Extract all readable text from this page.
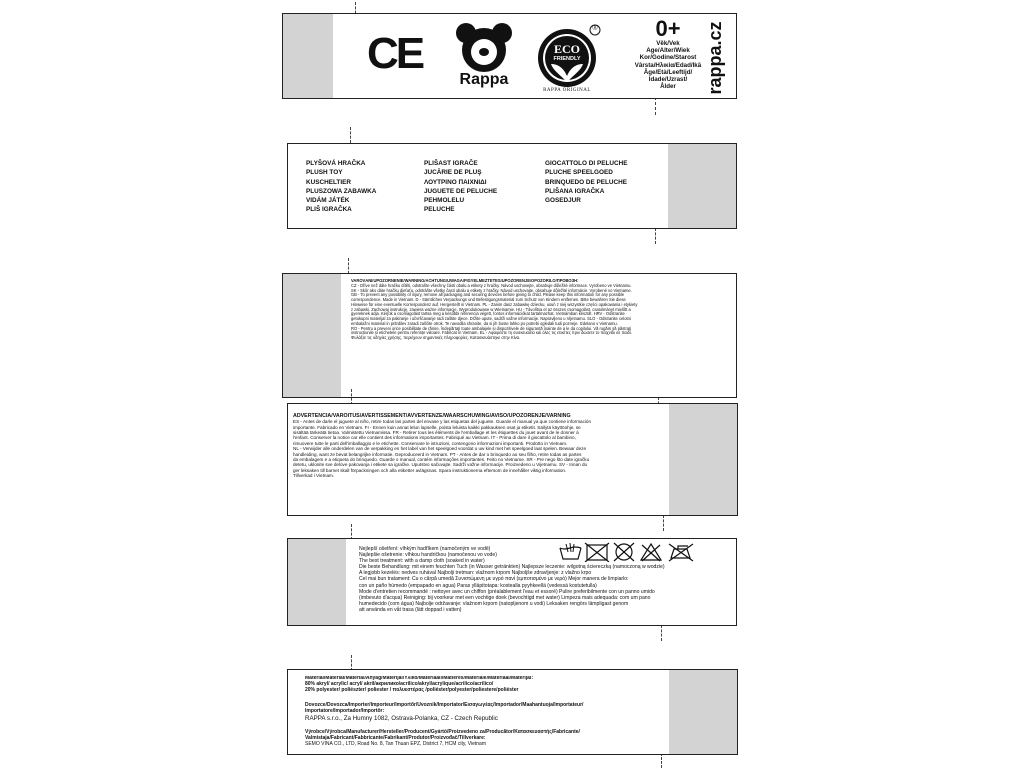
CE
Rappa
ECO
FRIENDLY
RAPPA ORIGINAL
®	0+
Věk/Vek
Age/Alter/Wiek
Kor/Godine/Starost
Vârsta/Ηλικία/Edad/Ikä
Âge/Età/Leeftijd/
Idade/Uzrast/
Ålder	rappa.cz
PLYŠOVÁ HRAČKA
PLUSH TOY
KUSCHELTIER
PLUSZOWA ZABAWKA
VIDÁM JÁTÉK
PLIŠ IGRAČKA
PLIŠAST IGRAČE
JUCĂRIE DE PLUŞ
ΛΟΥΤΡΙΝΟ ΠΑΙΧΝΙΔΙ
JUGUETE DE PELUCHE
PEHMOLELU
PELUCHE
GIOCATTOLO DI PELUCHE
PLUCHE SPEELGOED
BRINQUEDO DE PELUCHE
PLIŠANA IGRAČKA
GOSEDJUR
VAROVÁNÍ/UPOZORNENIE/WARNING/ACHTUNG/UWAGA/FIGYELMEZTETÉS/UPOZORENJE/OPOZORILO/ПРОВОЗН:
CZ - Dříve než dáte hračku dítěti, odstraňte všechny části obalu a etikety z hračky. Návod uschovejte, obsahuje důležité informace. Vyrobeno ve Vietnamu.
SK - Skôr ako dáte hračku dieťaťu, odstráňte všetky časti obalu a etikety z hračky. Návod uschovajte, obsahuje dôležité informácie. Vyrobené vo Vietname.
GB - To prevent any possibility of injury, remove all packaging and securing devices before giving to child. Please keep this information for any possible
correspondence. Made in Vietnam. D - Sämtliches Verpackungs und Befestigungsmaterial zum Schutz von Kindern entfernen. Bitte bewahren Sie diese
Hinweise für eine eventuelle Korrespondenz auf. Hergestellt in Vietnam. PL - Zanim dasz zabawkę dziecku, usuń z niej wszystkie części opakowania i etykiety
z zabawki. Zachowaj instrukcję, zawiera ważne informacje. Wyprodukowane w Wietnamie. HU - Távolítsa el az összes csomagolást, csatolmányt mielőtt a
gyereknek adja. Kérjük a csomagolást tartsa meg a későbbi referencia végett, fontos információkat tartalmazhat. Vietnámban készült. HRV - Odstranite
getokupni materijal za pakiranje i učvršćavanje radi zaštite djece. Držite upute, sadrži važne informacije. Napravljeno u Vijetnamu. SLO - Odstranite celotni
embalažni material in pritrdilev zaradi zaščite otrok. Te navodila shranite, da si jih boste lahko po potrebi ogledali tudi pozneje. Izdelano v Vietnamu.
RO - Pentru a preveni orice posibilitate de rănire, îndepărtați toate ambalajele și dispozitivele de siguranță înainte de a le da copilului. Vă rugăm să păstrați
instrucțiunile și etichetele pentru referințe viitoare. Fabricat în Vietnam. EL - Αφαιρέστε τη συσκευασία και όλες τις ετικέτες πριν δώσετε το παιχνίδι σε παιδί.
Φυλάξτε τις οδηγίες χρήσης, περιέχουν σημαντικές πληροφορίες. Κατασκευάστηκε στην Κίνα.
ADVERTENCIA/VAROITUS/AVERTISSEMENT/AVVERTENZE/WAARSCHUWING/AVISO/UPOZORENJE/VARNING
ES - Antes de darle el juguete al niño, retire todas las partes del envase y las etiquetas del juguete. Guarde el manual ya que contiene información
importante. Fabricado en Vietnam. FI - Ennen kuin annat lelun lapselle, poista leluista kaikki pakkauksen osat ja etiketit. Säilytä käyttöohje, se
sisältää tärkeätä tietoa. Valmistettu Vietnamissa. FR - Retirer tous les éléments de l'emballage et les étiquettes du jouet avant de le donner à
l'enfant. Conserver la notice car elle contient des informations importantes. Fabriqué au Vietnam. IT - Prima di dare il giocattolo al bambino,
rimuovere tutte le parti dell'imballaggio e le etichette. Conservare le istruzioni, contengono informazioni importanti. Prodotto in Vietnam.
NL - Verwijder alle onderdelen van de verpakking en het label van het speelgoed voordat u uw kind met het speelgoed laat spelen. Bewaar deze
handleiding, want ze bevat belangrijke informatie. Geproduceerd in Vietnam. PT - Antes de dar o brinquedo ao seu filho, retire todas as partes
da embalagem e a etiqueta do brinquedo. Guarde o manual, contém informações importantes. Feito no Vietname. SR - Pre nego što date igračku
detetu, uklonite sve delove pakovanja i etikete sa igračke. Uputstvo sačuvajte. Sadrži važne informacije. Proizvedeno u Vijetnamu. SV - Innan du
ger leksaken till barnet skall förpackningen och alla etiketter avlägsnas. Spara instruktionerna eftersom de innehåller viktig information.
Tillverkad i Vietnam.
Nejlepší ošetření: vlhkým hadříkem (namočeným ve vodě)
Najlepšie ošetrenie: vlhkou handričkou (namočenou vo vode)
The best treatment: with a damp cloth (soaked in water)
Die beste Behandlung: mit einem feuchten Tuch (in Wasser getränkten) Najlepsze leczenie: wilgotną ściereczką (namoczoną w wodzie)
A legjobb kezelés: nedves ruhával Najbolji tretman: vlažnom krpom Najboljše zdravljenje: z vlažno krpo
Cel mai bun tratament: Cu o cârpă umedă Συνιστώμενη με υγρό πανί (εμποτισμένο με νερό) Mejor manera de limpiarlo:
con un paño húmedo (empapado en agua) Paras ylläpitotapa: kostealla pyyhkeellä (vedessä kostutetulla)
Mode d'entretien recommandé : nettoyer avec un chiffon (préalablement l'eau et essoré) Pulire preferibilmente con un panno umido
(imbevuto d'acqua) Reiniging: bij voorkeur met een vochtige doek (bevochtigd met water) Limpeza mais adequada: com um pano
humedecido (com água) Najbolje održavanje: vlažnom krpom (natopljenom u vodi) Leksaken rengörs lämpligast genom
att använda en våt trasa (lätt doppad i vatten)
Materiál/Materiál/Material/Anyag/Materijal/Υλικό/Materiaali/Matières/Materiale/Materiaal/Materijal:
80% akryl/ acrylic/ acryl/ akril/акрилико/acrilico/akryl/acrylique/acrilico/acrilico/
20% polyester/ poliészter/ poliester / πολυεστέρας /poliéster/polyester/poliestere/poliéster
Dovozce/Dovozca/Importer/Importeur/Importőr/Uvoznik/Importator/Εισαγωγέας/Importador/Maahantuoja/Importateur/
Importatore/Importador/Importör:
RAPPA s.r.o., Za Humny 1082, Ostrava-Polanka, CZ - Czech Republic
Výrobce/Výrobca/Manufacturer/Hersteller/Producent/Gyártó/Proizvedeno za/Producător/Κατασκευαστής/Fabricante/
Valmistaja/Fabricant/Fabbricante/Fabrikant/Produtor/Proizvođač/Tillverkare:
SEMO VINA CO., LTD, Road No. 8, Tan Thuan EPZ, District 7, HCM city, Vietnam
